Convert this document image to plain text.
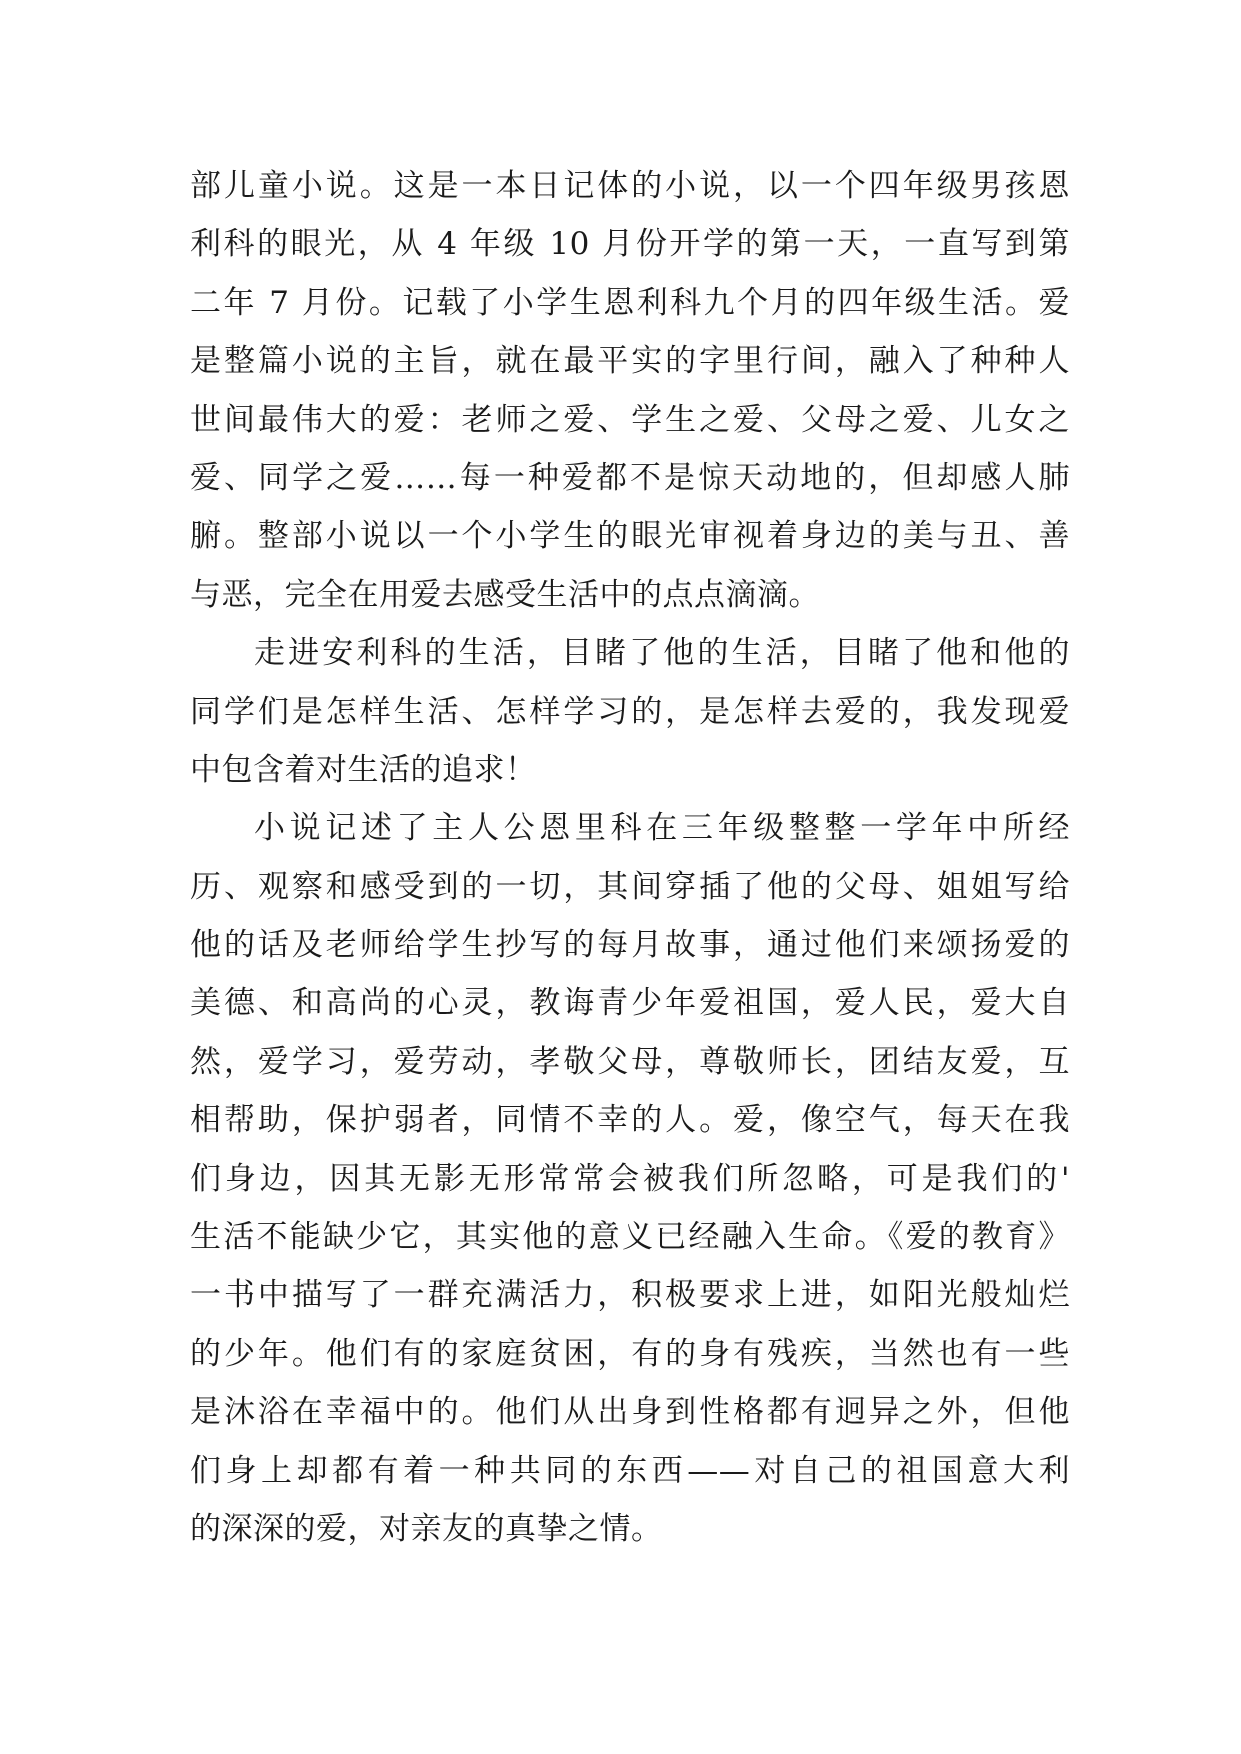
部儿童小说。这是一本日记体的小说，以一个四年级男孩恩
利科的眼光，从 4 年级 10 月份开学的第一天，一直写到第
二年 7 月份。记载了小学生恩利科九个月的四年级生活。爱
是整篇小说的主旨，就在最平实的字里行间，融入了种种人
世间最伟大的爱：老师之爱、学生之爱、父母之爱、儿女之
爱、同学之爱……每一种爱都不是惊天动地的，但却感人肺
腑。整部小说以一个小学生的眼光审视着身边的美与丑、善
与恶，完全在用爱去感受生活中的点点滴滴。
走进安利科的生活，目睹了他的生活，目睹了他和他的
同学们是怎样生活、怎样学习的，是怎样去爱的，我发现爱
中包含着对生活的追求！
小说记述了主人公恩里科在三年级整整一学年中所经
历、观察和感受到的一切，其间穿插了他的父母、姐姐写给
他的话及老师给学生抄写的每月故事，通过他们来颂扬爱的
美德、和高尚的心灵，教诲青少年爱祖国，爱人民，爱大自
然，爱学习，爱劳动，孝敬父母，尊敬师长，团结友爱，互
相帮助，保护弱者，同情不幸的人。爱，像空气，每天在我
们身边，因其无影无形常常会被我们所忽略，可是我们的'
生活不能缺少它，其实他的意义已经融入生命。《爱的教育》
一书中描写了一群充满活力，积极要求上进，如阳光般灿烂
的少年。他们有的家庭贫困，有的身有残疾，当然也有一些
是沐浴在幸福中的。他们从出身到性格都有迥异之外，但他
们身上却都有着一种共同的东西——对自己的祖国意大利
的深深的爱，对亲友的真挚之情。
